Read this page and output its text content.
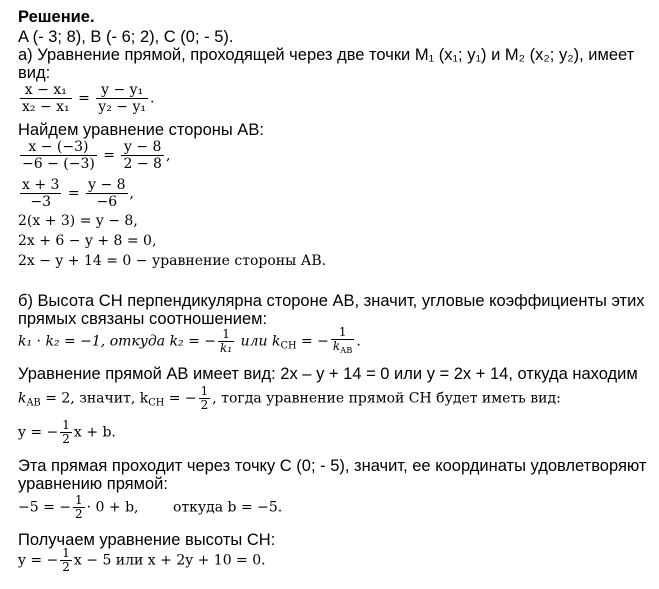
Решение.
A (- 3; 8), B (- 6; 2), C (0; - 5).
а) Уравнение прямой, проходящей через две точки M₁ (x₁; y₁) и M₂ (x₂; y₂), имеет
вид:
$\frac{\text{x − x₁}}{\text{x₂ − x₁}} = \frac{\text{y − y₁}}{\text{y₂ − y₁}}$ .
Найдем уравнение стороны АВ:
$\frac{x - (-3)}{-6 - (-3)} = \frac{y - 8}{2 - 8}$ ,
$\frac{x + 3}{-3} = \frac{y - 8}{-6}$ ,
2(x + 3) = y − 8,
2x + 6 − y + 8 = 0,
2x − y + 14 = 0 − уравнение стороны АВ.
б) Высота СН перпендикулярна стороне АВ, значит, угловые коэффициенты этих
прямых связаны соотношением:
k₁ · k₂ = −1, откуда k₂ = − $\frac{1}{\text{k₁}}$ или $k_{CH}$ = − $\frac{1}{k_{AB}}$ .
Уравнение прямой АВ имеет вид: 2x – y + 14 = 0 или y = 2x + 14, откуда находим
$k_{AB} = 2$, значит, $k_{CH}$ = − $\frac{1}{2}$ , тогда уравнение прямой СН будет иметь вид:
y = − $\frac{1}{2}$ x + b.
Эта прямая проходит через точку С (0; - 5), значит, ее координаты удовлетворяют
уравнению прямой:
−5 = − $\frac{1}{2} \cdot 0 + b$, откуда b = −5.
Получаем уравнение высоты СН:
y = − $\frac{1}{2}$ x − 5 или x + 2y + 10 = 0.
